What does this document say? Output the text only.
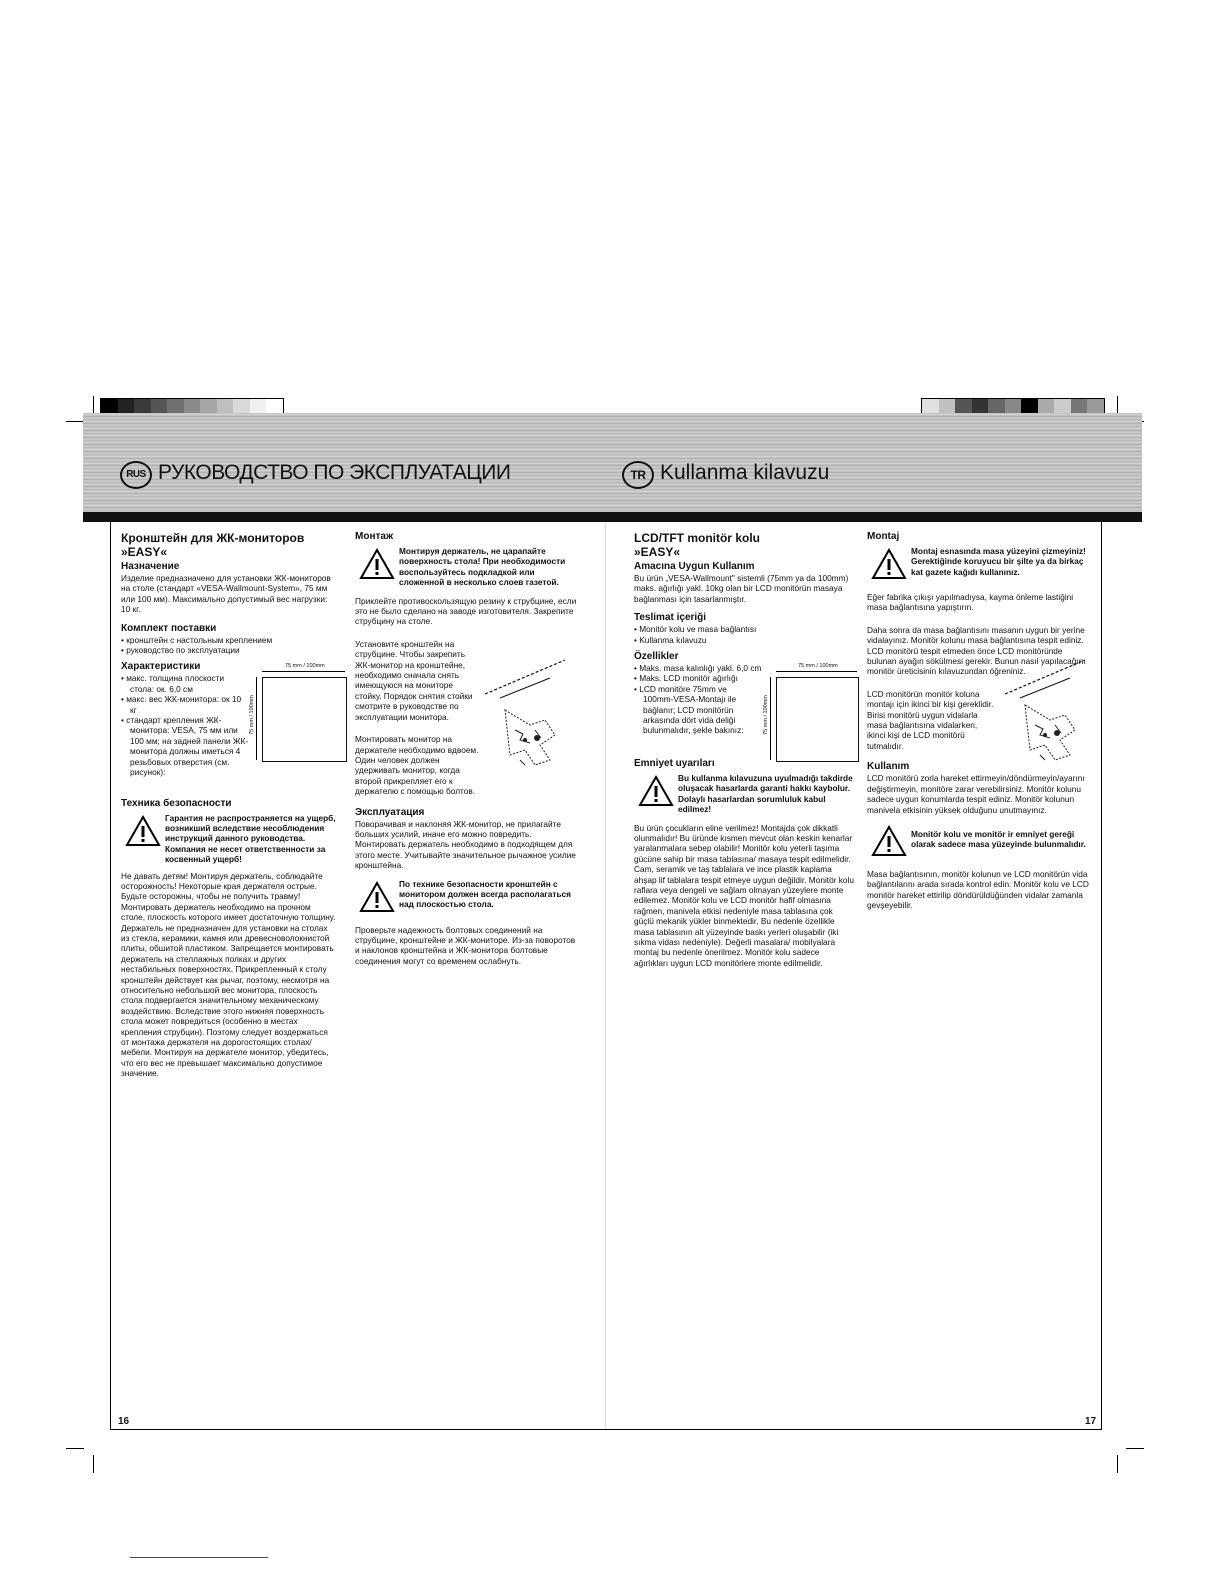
RUS РУКОВОДСТВО ПО ЭКСПЛУАТАЦИИ	TR Kullanma kilavuzu
Кронштейн для ЖК-мониторов
»EASY«
Назначение

Изделие предназначено для установки ЖК-мониторов на столе (стандарт «VESA-Wallmount-System», 75 мм или 100 мм). Максимально допустимый вес нагрузки: 10 кг.

Комплект поставки
• кронштейн с настольным креплением
• руководство по эксплуатации
Характеристики
• макс. толщина плоскости стола: ок. 6,0 см
• макс. вес ЖК-монитора: ок 10 кг
• стандарт крепления ЖК-монитора: VESA, 75 мм или 100 мм; на задней панели ЖК-монитора должны иметься 4 резьбовых отверстия (см. рисунок):
Техника безопасности
Гарантия не распространяется на ущерб, возникший вследствие несоблюдения инструкций данного руководства. Компания не несет ответственности за косвенный ущерб!

Не давать детям! Монтируя держатель, соблюдайте осторожность! Некоторые края держателя острые. Будьте осторожны, чтобы не получить травму! Монтировать держатель необходимо на прочном столе, плоскость которого имеет достаточную толщину. Держатель не предназначен для установки на столах из стекла, керамики, камня или древесноволокнистой плиты, обшитой пластиком. Запрещается монтировать держатель на стеллажных полках и других нестабильных поверхностях. Прикрепленный к столу кронштейн действует как рычаг, поэтому, несмотря на относительно небольшой вес монитора, плоскость стола подвергается значительному механическому воздействию. Вследствие этого нижняя поверхность стола может повредиться (особенно в местах крепления струбцин). Поэтому следует воздержаться от монтажа держателя на дорогостоящих столах/мебели. Монтируя на держателе монитор, убедитесь, что его вес не превышает максимально допустимое значение.

75 mm / 100mm
75 mm / 100mm
Монтаж
Монтируя держатель, не царапайте поверхность стола! При необходимости воспользуйтесь подкладкой или сложенной в несколько слоев газетой.

Приклейте противоскользящую резину к струбцине, если это не было сделано на заводе изготовителя. Закрепите струбцину на столе.

Установите кронштейн на струбцине. Чтобы закрепить ЖК-монитор на кронштейне, необходимо сначала снять имеющуюся на мониторе стойку. Порядок снятия стойки смотрите в руководстве по эксплуатации монитора.

Монтировать монитор на держателе необходимо вдвоем. Один человек должен удерживать монитор, когда второй прикрепляет его к держателю с помощью болтов.

Эксплуатация

Поворачивая и наклоняя ЖК-монитор, не прилагайте больших усилий, иначе его можно повредить. Монтировать держатель необходимо в подходящем для этого месте. Учитывайте значительное рычажное усилие кронштейна.

По технике безопасности кронштейн с монитором должен всегда располагаться над плоскостью стола.

Проверьте надежность болтовых соединений на струбцине, кронштейне и ЖК-мониторе. Из-за поворотов и наклонов кронштейна и ЖК-монитора болтовые соединения могут со временем ослабнуть.

16
LCD/TFT monitör kolu
»EASY«
Amacına Uygun Kullanım

Bu ürün „VESA-Wallmount" sistemli (75mm ya da 100mm) maks. ağırlığı yakl. 10kg olan bir LCD monitörün masaya bağlanması için tasarlanmıştır.

Teslimat içeriği
• Monitör kolu ve masa bağlantısı
• Kullanma kılavuzu
Özellikler
• Maks. masa kalınlığı yakl. 6,0 cm
• Maks. LCD monitör ağırlığı
• LCD monitöre 75mm ve 100mm-VESA-Montajı ile bağlanır; LCD monitörün arkasında dört vida deliği bulunmalıdır, şekle bakınız:
Emniyet uyarıları
Bu kullanma kılavuzuna uyulmadığı takdirde oluşacak hasarlarda garanti hakkı kaybolur. Dolaylı hasarlardan sorumluluk kabul edilmez!

Bu ürün çocukların eline verilmez! Montajda çok dikkatli olunmalıdır! Bu üründe kısmen mevcut olan keskin kenarlar yaralanmalara sebep olabilir! Monitör kolu yeterli taşıma gücüne sahip bir masa tablasına/ masaya tespit edilmelidir. Cam, seramik ve taş tablalara ve ince plastik kaplama ahşap lif tablalara tespit etmeye uygun değildir. Monitör kolu raflara veya dengeli ve sağlam olmayan yüzeylere monte edilemez. Monitör kolu ve LCD monitör hafif olmasına rağmen, manivela etkisi nedeniyle masa tablasına çok güçlü mekanik yükler binmektedir. Bu nedenle özellikle masa tablasının alt yüzeyinde baskı yerleri oluşabilir (iki sıkma vidası nedeniyle). Değerli masalara/ mobilyalara montaj bu nedenle önerilmez. Monitör kolu sadece ağırlıkları uygun LCD monitörlere monte edilmelidir.

75 mm / 100mm
75 mm / 100mm
Montaj
Montaj esnasında masa yüzeyini çizmeyiniz! Gerektiğinde koruyucu bir şilte ya da birkaç kat gazete kağıdı kullanınız.

Eğer fabrika çıkışı yapılmadıysa, kayma önleme lastiğini masa bağlantısına yapıştırın.

Daha sonra da masa bağlantısını masanın uygun bir yerine vidalayınız. Monitör kolunu masa bağlantısına tespit ediniz. LCD monitörü tespit etmeden önce LCD monitöründe bulunan ayağın sökülmesi gerekir. Bunun nasıl yapılacağını monitör üreticisinin kılavuzundan öğreniniz.

LCD monitörün monitör koluna montajı için ikinci bir kişi gereklidir. Birisi monitörü uygun vidalarla masa bağlantısına vidalarken, ikinci kişi de LCD monitörü tutmalıdır.

Kullanım

LCD monitörü zorla hareket ettirmeyin/döndürmeyin/ayarını değiştirmeyin, monitöre zarar verebilirsiniz. Monitör kolunu sadece uygun konumlarda tespit ediniz. Monitör kolunun manivela etkisinin yüksek olduğunu unutmayınız.

Monitör kolu ve monitör ir emniyet gereği olarak sadece masa yüzeyinde bulunmalıdır.

Masa bağlantısının, monitör kolunun ve LCD monitörün vida bağlantılarını arada sırada kontrol edin. Monitör kolu ve LCD monitör hareket ettirilip döndürüldüğünden vidalar zamanla gevşeyebilir.

17
